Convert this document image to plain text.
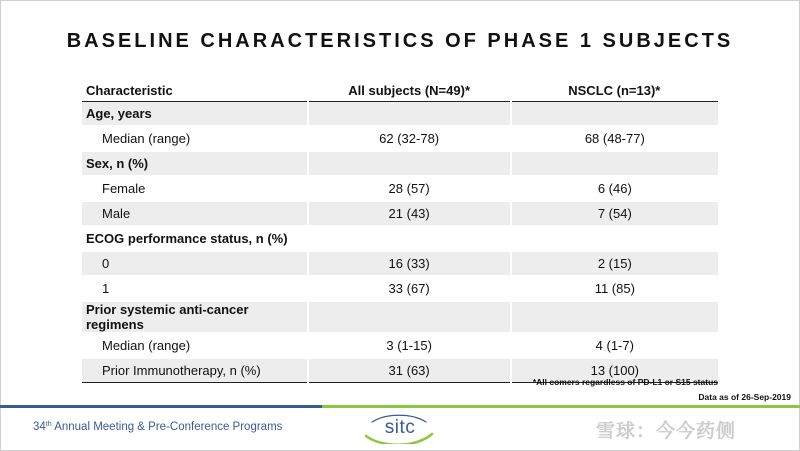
BASELINE CHARACTERISTICS OF PHASE 1 SUBJECTS
Characteristic	All subjects (N=49)*	NSCLC (n=13)*
Age, years		
Median (range)	62 (32-78)	68 (48-77)
Sex, n (%)		
Female	28 (57)	6 (46)
Male	21 (43)	7 (54)
ECOG performance status, n (%)		
0	16 (33)	2 (15)
1	33 (67)	11 (85)
Prior systemic anti-cancer regimens		
Median (range)	3 (1-15)	4 (1-7)
Prior Immunotherapy, n (%)	31 (63)	13 (100)
*All comers regardless of PD-L1 or S15 status
Data as of 26-Sep-2019
34th Annual Meeting & Pre-Conference Programs	sitc	雪球：今今药侧
